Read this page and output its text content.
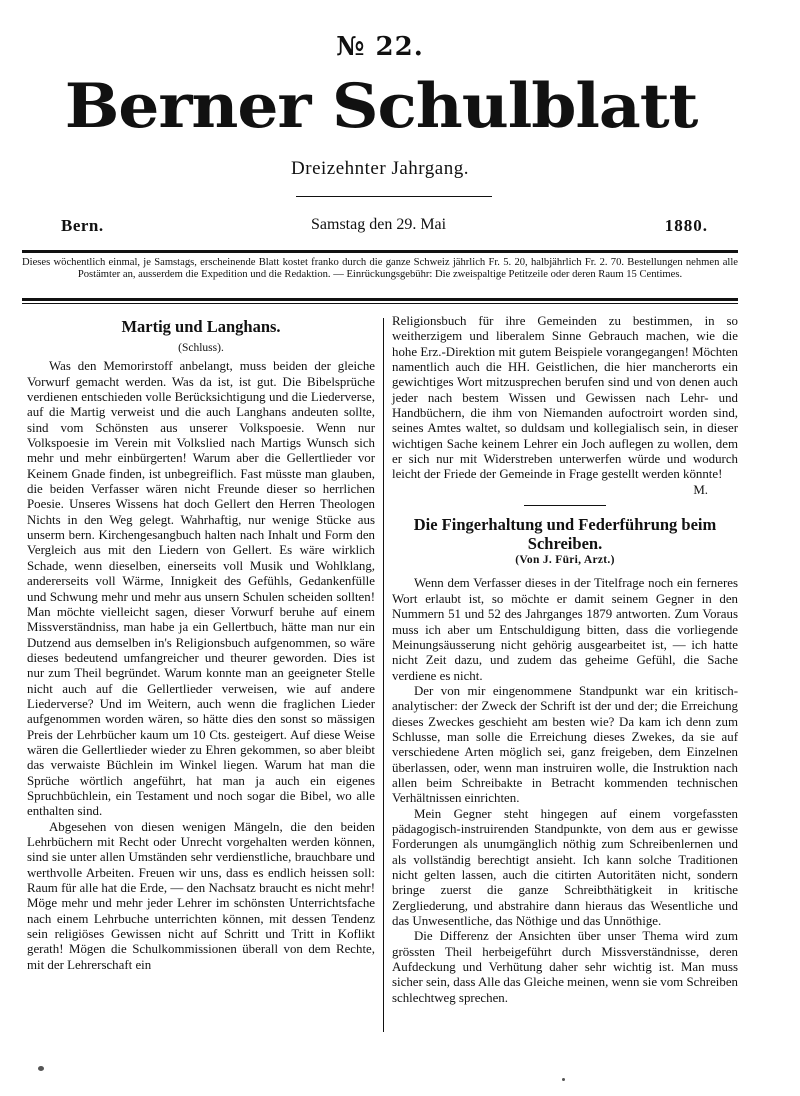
№ 22.
Berner Schulblatt
Dreizehnter Jahrgang.
Bern.	Samstag den 29. Mai	1880.
Dieses wöchentlich einmal, je Samstags, erscheinende Blatt kostet franko durch die ganze Schweiz jährlich Fr. 5. 20, halbjährlich Fr. 2. 70. Bestellungen nehmen alle Postämter an, ausserdem die Expedition und die Redaktion. — Einrückungsgebühr: Die zweispaltige Petitzeile oder deren Raum 15 Centimes.
Martig und Langhans.
(Schluss).

Was den Memorirstoff anbelangt, muss beiden der gleiche Vorwurf gemacht werden. Was da ist, ist gut. Die Bibelsprüche verdienen entschieden volle Berücksichtigung und die Liederverse, auf die Martig verweist und die auch Langhans andeuten sollte, sind vom Schönsten aus unserer Volkspoesie. Wenn nur Volkspoesie im Verein mit Volkslied nach Martigs Wunsch sich mehr und mehr einbürgerten! Warum aber die Gellertlieder vor Keinem Gnade finden, ist unbegreiflich. Fast müsste man glauben, die beiden Verfasser wären nicht Freunde dieser so herrlichen Poesie. Unseres Wissens hat doch Gellert den Herren Theologen Nichts in den Weg gelegt. Wahrhaftig, nur wenige Stücke aus unserm bern. Kirchengesangbuch halten nach Inhalt und Form den Vergleich aus mit den Liedern von Gellert. Es wäre wirklich Schade, wenn dieselben, einerseits voll Musik und Wohlklang, andererseits voll Wärme, Innigkeit des Gefühls, Gedankenfülle und Schwung mehr und mehr aus unsern Schulen scheiden sollten! Man möchte vielleicht sagen, dieser Vorwurf beruhe auf einem Missverständniss, man habe ja ein Gellertbuch, hätte man nur ein Dutzend aus demselben in's Religionsbuch aufgenommen, so wäre dieses bedeutend umfangreicher und theurer geworden. Dies ist nur zum Theil begründet. Warum konnte man an geeigneter Stelle nicht auch auf die Gellertlieder verweisen, wie auf andere Liederverse? Und im Weitern, auch wenn die fraglichen Lieder aufgenommen worden wären, so hätte dies den sonst so mässigen Preis der Lehrbücher kaum um 10 Cts. gesteigert. Auf diese Weise wären die Gellertlieder wieder zu Ehren gekommen, so aber bleibt das verwaiste Büchlein im Winkel liegen. Warum hat man die Sprüche wörtlich angeführt, hat man ja auch ein eigenes Spruchbüchlein, ein Testament und noch sogar die Bibel, wo alle enthalten sind.

Abgesehen von diesen wenigen Mängeln, die den beiden Lehrbüchern mit Recht oder Unrecht vorgehalten werden können, sind sie unter allen Umständen sehr verdienstliche, brauchbare und werthvolle Arbeiten. Freuen wir uns, dass es endlich heissen soll: Raum für alle hat die Erde, — den Nachsatz braucht es nicht mehr! Möge mehr und mehr jeder Lehrer im schönsten Unterrichtsfache nach einem Lehrbuche unterrichten können, mit dessen Tendenz sein religiöses Gewissen nicht auf Schritt und Tritt in Koflikt gerath! Mögen die Schulkommissionen überall von dem Rechte, mit der Lehrerschaft ein

Religionsbuch für ihre Gemeinden zu bestimmen, in so weitherzigem und liberalem Sinne Gebrauch machen, wie die hohe Erz.-Direktion mit gutem Beispiele vorangegangen! Möchten namentlich auch die HH. Geistlichen, die hier mancherorts ein gewichtiges Wort mitzusprechen berufen sind und von denen auch jeder nach bestem Wissen und Gewissen nach Lehr- und Handbüchern, die ihm von Niemanden aufoctroirt worden sind, seines Amtes waltet, so duldsam und kollegialisch sein, in dieser wichtigen Sache keinem Lehrer ein Joch auflegen zu wollen, dem er sich nur mit Widerstreben unterwerfen würde und wodurch leicht der Friede der Gemeinde in Frage gestellt werden könnte!

M.
Die Fingerhaltung und Federführung beim Schreiben.
(Von J. Füri, Arzt.)

Wenn dem Verfasser dieses in der Titelfrage noch ein ferneres Wort erlaubt ist, so möchte er damit seinem Gegner in den Nummern 51 und 52 des Jahrganges 1879 antworten. Zum Voraus muss ich aber um Entschuldigung bitten, dass die vorliegende Meinungsäusserung nicht gehörig ausgearbeitet ist, — ich hatte nicht Zeit dazu, und zudem das geheime Gefühl, die Sache verdiene es nicht.

Der von mir eingenommene Standpunkt war ein kritisch-analytischer: der Zweck der Schrift ist der und der; die Erreichung dieses Zweckes geschieht am besten wie? Da kam ich denn zum Schlusse, man solle die Erreichung dieses Zwekes, da sie auf verschiedene Arten möglich sei, ganz freigeben, dem Einzelnen überlassen, oder, wenn man instruiren wolle, die Instruktion nach allen beim Schreibakte in Betracht kommenden technischen Verhältnissen einrichten.

Mein Gegner steht hingegen auf einem vorgefassten pädagogisch-instruirenden Standpunkte, von dem aus er gewisse Forderungen als unumgänglich nöthig zum Schreibenlernen und als vollständig berechtigt ansieht. Ich kann solche Traditionen nicht gelten lassen, auch die citirten Autoritäten nicht, sondern bringe zuerst die ganze Schreibthätigkeit in kritische Zergliederung, und abstrahire dann hieraus das Wesentliche und das Unwesentliche, das Nöthige und das Unnöthige.

Die Differenz der Ansichten über unser Thema wird zum grössten Theil herbeigeführt durch Missverständnisse, deren Aufdeckung und Verhütung daher sehr wichtig ist. Man muss sicher sein, dass Alle das Gleiche meinen, wenn sie vom Schreiben schlechtweg sprechen.
